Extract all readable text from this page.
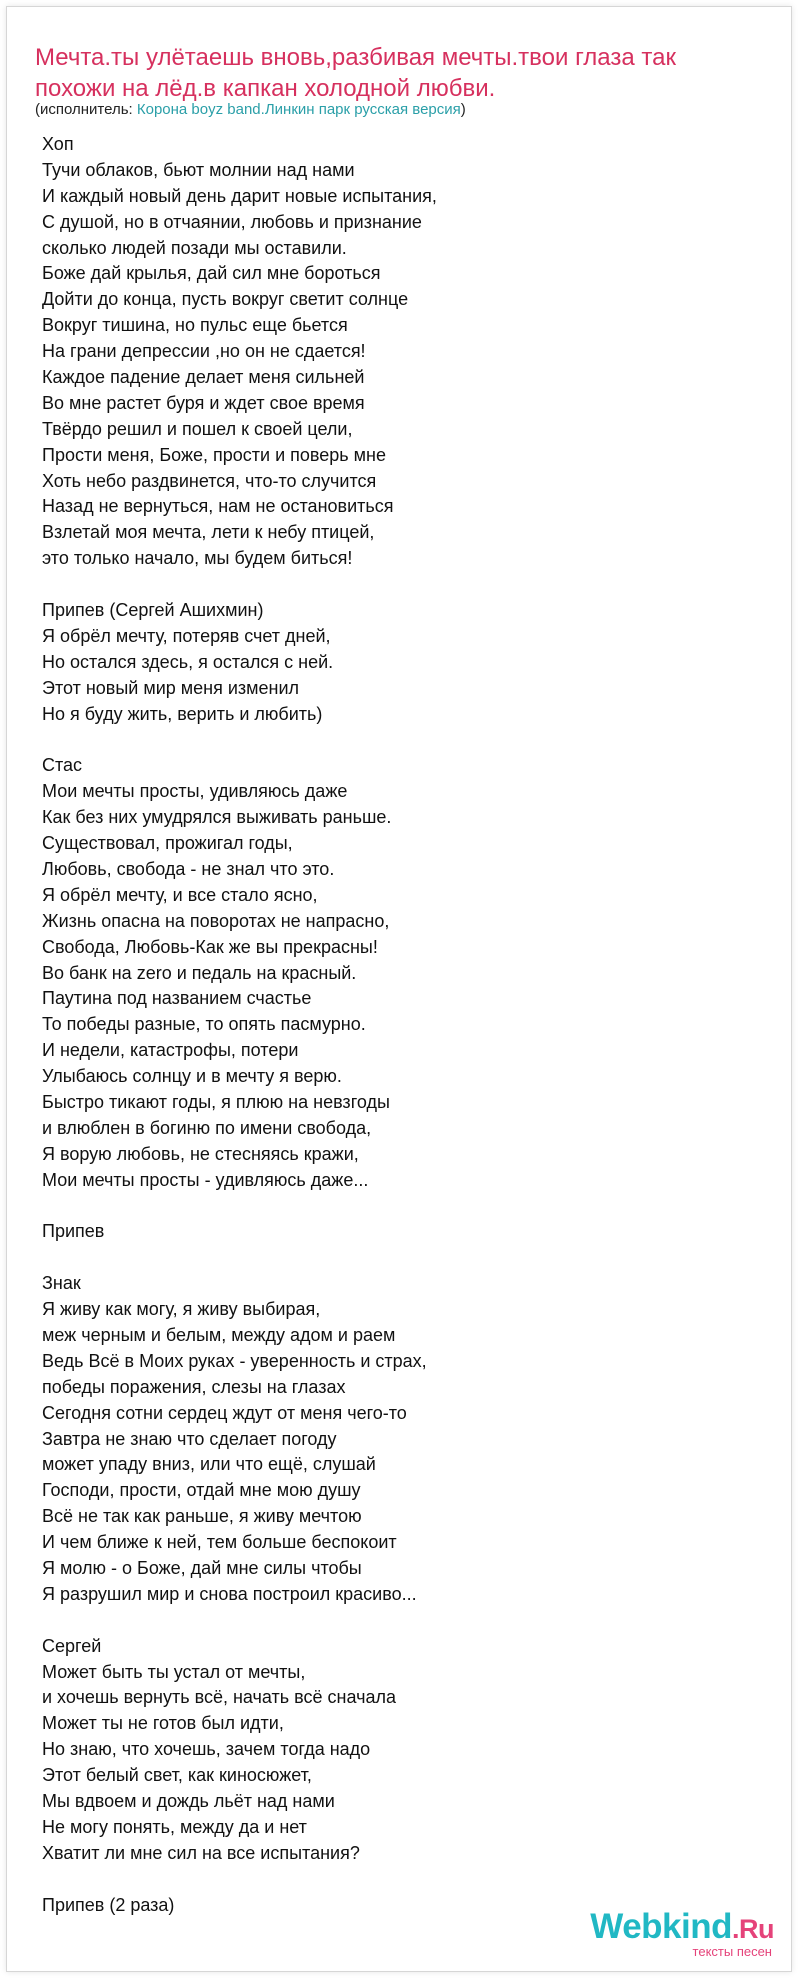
Мечта.ты улётаешь вновь,разбивая мечты.твои глаза так похожи на лёд.в капкан холодной любви.
(исполнитель: Корона boyz band.Линкин парк русская версия)
Хоп
Тучи облаков, бьют молнии над нами
И каждый новый день дарит новые испытания,
С душой, но в отчаянии, любовь и признание
сколько людей позади мы оставили.
Боже дай крылья, дай сил мне бороться
Дойти до конца, пусть вокруг светит солнце
Вокруг тишина, но пульс еще бьется
На грани депрессии ,но он не сдается!
Каждое падение делает меня сильней
Во мне растет буря и ждет свое время
Твёрдо решил и пошел к своей цели,
Прости меня, Боже, прости и поверь мне
Хоть небо раздвинется, что-то случится
Назад не вернуться, нам не остановиться
Взлетай моя мечта, лети к небу птицей,
это только начало, мы будем биться!
Припев (Сергей Ашихмин)
Я обрёл мечту, потеряв счет дней,
Но остался здесь, я остался с ней.
Этот новый мир меня изменил
Но я буду жить, верить и любить)
Стас
Мои мечты просты, удивляюсь даже
Как без них умудрялся выживать раньше.
Существовал, прожигал годы,
Любовь, свобода - не знал что это.
Я обрёл мечту, и все стало ясно,
Жизнь опасна на поворотах не напрасно,
Свобода, Любовь-Как же вы прекрасны!
Во банк на zero и педаль на красный.
Паутина под названием счастье
То победы разные, то опять пасмурно.
И недели, катастрофы, потери
Улыбаюсь солнцу и в мечту я верю.
Быстро тикают годы, я плюю на невзгоды
и влюблен в богиню по имени свобода,
Я ворую любовь, не стесняясь кражи,
Мои мечты просты - удивляюсь даже...
Припев
Знак
Я живу как могу, я живу выбирая,
меж черным и белым, между адом и раем
Ведь Всё в Моих руках - уверенность и страх,
победы поражения, слезы на глазах
Сегодня сотни сердец ждут от меня чего-то
Завтра не знаю что сделает погоду
может упаду вниз, или что ещё, слушай
Господи, прости, отдай мне мою душу
Всё не так как раньше, я живу мечтою
И чем ближе к ней, тем больше беспокоит
Я молю - о Боже, дай мне силы чтобы
Я разрушил мир и снова построил красиво...
Сергей
Может быть ты устал от мечты,
и хочешь вернуть всё, начать всё сначала
Может ты не готов был идти,
Но знаю, что хочешь, зачем тогда надо
Этот белый свет, как киносюжет,
Мы вдвоем и дождь льёт над нами
Не могу понять, между да и нет
Хватит ли мне сил на все испытания?
Припев (2 раза)
Webkind.Ru
тексты песен
